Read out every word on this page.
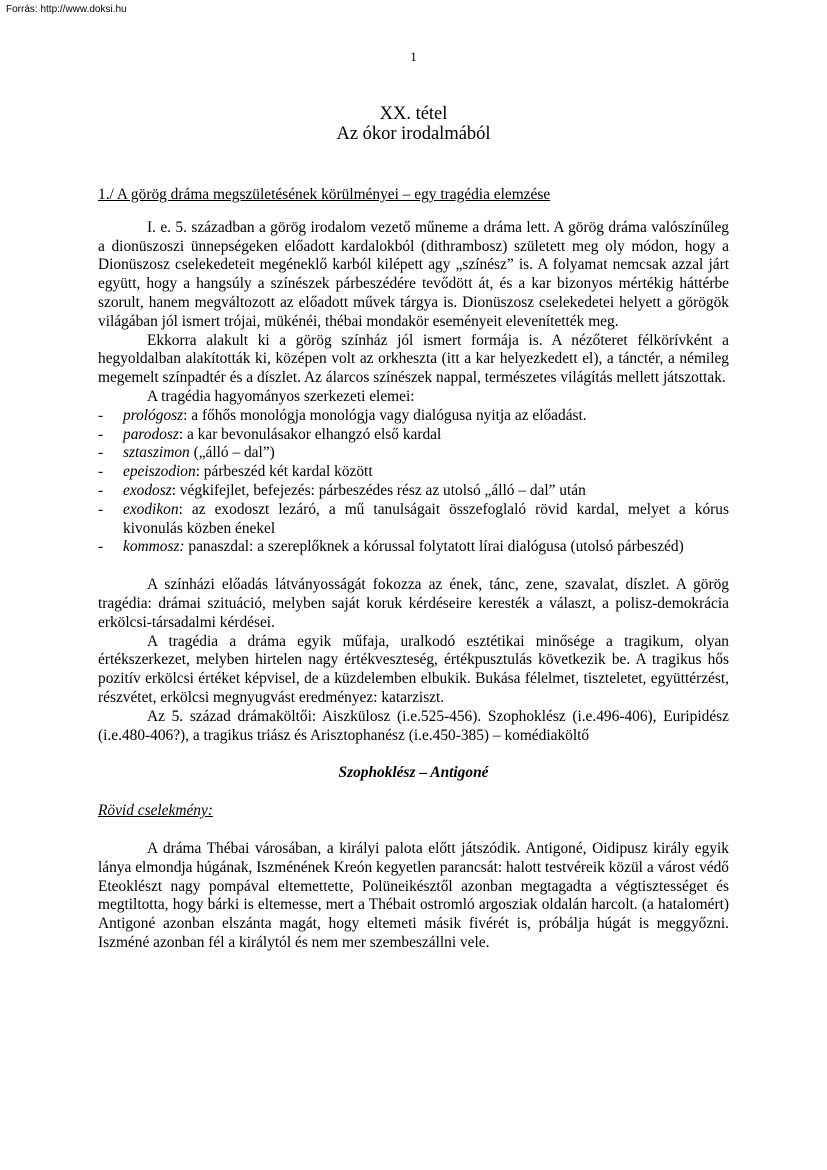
Forrás: http://www.doksi.hu
1
XX. tétel
Az ókor irodalmából

1./ A görög dráma megszületésének körülményei – egy tragédia elemzése

I. e. 5. században a görög irodalom vezető műneme a dráma lett. A görög dráma valószínűleg a dionüszoszi ünnepségeken előadott kardalokból (dithrambosz) született meg oly módon, hogy a Dionüszosz cselekedeteit megéneklő karból kilépett agy „színész” is. A folyamat nemcsak azzal járt együtt, hogy a hangsúly a színészek párbeszédére tevődött át, és a kar bizonyos mértékig háttérbe szorult, hanem megváltozott az előadott művek tárgya is. Dionüszosz cselekedetei helyett a görögök világában jól ismert trójai, mükénéi, thébai mondakör eseményeit elevenítették meg.

Ekkorra alakult ki a görög színház jól ismert formája is. A nézőteret félkörívként a hegyoldalban alakították ki, középen volt az orkheszta (itt a kar helyezkedett el), a tánctér, a némileg megemelt színpadtér és a díszlet. Az álarcos színészek nappal, természetes világítás mellett játszottak.

A tragédia hagyományos szerkezeti elemei:

- prológosz: a főhős monológja monológja vagy dialógusa nyitja az előadást.
- parodosz: a kar bevonulásakor elhangzó első kardal
- sztaszimon („álló – dal”)
- epeiszodion: párbeszéd két kardal között
- exodosz: végkifejlet, befejezés: párbeszédes rész az utolsó „álló – dal” után
- exodikon: az exodoszt lezáró, a mű tanulságait összefoglaló rövid kardal, melyet a kórus kivonulás közben énekel
- kommosz: panaszdal: a szereplőknek a kórussal folytatott lírai dialógusa (utolsó párbeszéd)

A színházi előadás látványosságát fokozza az ének, tánc, zene, szavalat, díszlet. A görög tragédia: drámai szituáció, melyben saját koruk kérdéseire keresték a választ, a polisz-demokrácia erkölcsi-társadalmi kérdései.

A tragédia a dráma egyik műfaja, uralkodó esztétikai minősége a tragikum, olyan értékszerkezet, melyben hirtelen nagy értékveszteség, értékpusztulás következik be. A tragikus hős pozitív erkölcsi értéket képvisel, de a küzdelemben elbukik. Bukása félelmet, tiszteletet, együttérzést, részvétet, erkölcsi megnyugvást eredményez: katarziszt.

Az 5. század drámaköltői: Aiszkülosz (i.e.525-456). Szophoklész (i.e.496-406), Euripidész (i.e.480-406?), a tragikus triász és Arisztophanész (i.e.450-385) – komédiaköltő

Szophoklész – Antigoné

Rövid cselekmény:

A dráma Thébai városában, a királyi palota előtt játszódik. Antigoné, Oidipusz király egyik lánya elmondja húgának, Iszménének Kreón kegyetlen parancsát: halott testvéreik közül a várost védő Eteoklészt nagy pompával eltemettette, Polüneikésztől azonban megtagadta a végtisztességet és megtiltotta, hogy bárki is eltemesse, mert a Thébait ostromló argosziak oldalán harcolt. (a hatalomért) Antigoné azonban elszánta magát, hogy eltemeti másik fivérét is, próbálja húgát is meggyőzni. Iszméné azonban fél a királytól és nem mer szembeszállni vele.
